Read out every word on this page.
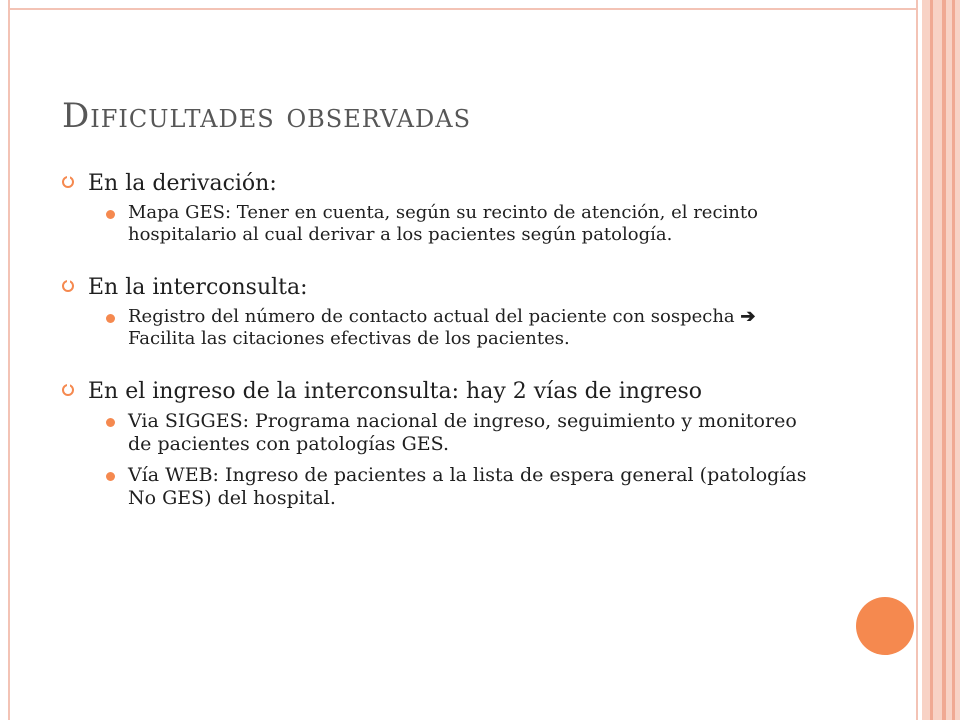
Dificultades observadas
En la derivación:
Mapa GES: Tener en cuenta, según su recinto de atención, el recinto hospitalario al cual derivar a los pacientes según patología.
En la interconsulta:
Registro del número de contacto actual del paciente con sospecha ➔ Facilita las citaciones efectivas de los pacientes.
En el ingreso de la interconsulta: hay 2 vías de ingreso
Via SIGGES: Programa nacional de ingreso, seguimiento y monitoreo de pacientes con patologías GES.
Vía WEB: Ingreso de pacientes a la lista de espera general (patologías No GES) del hospital.
